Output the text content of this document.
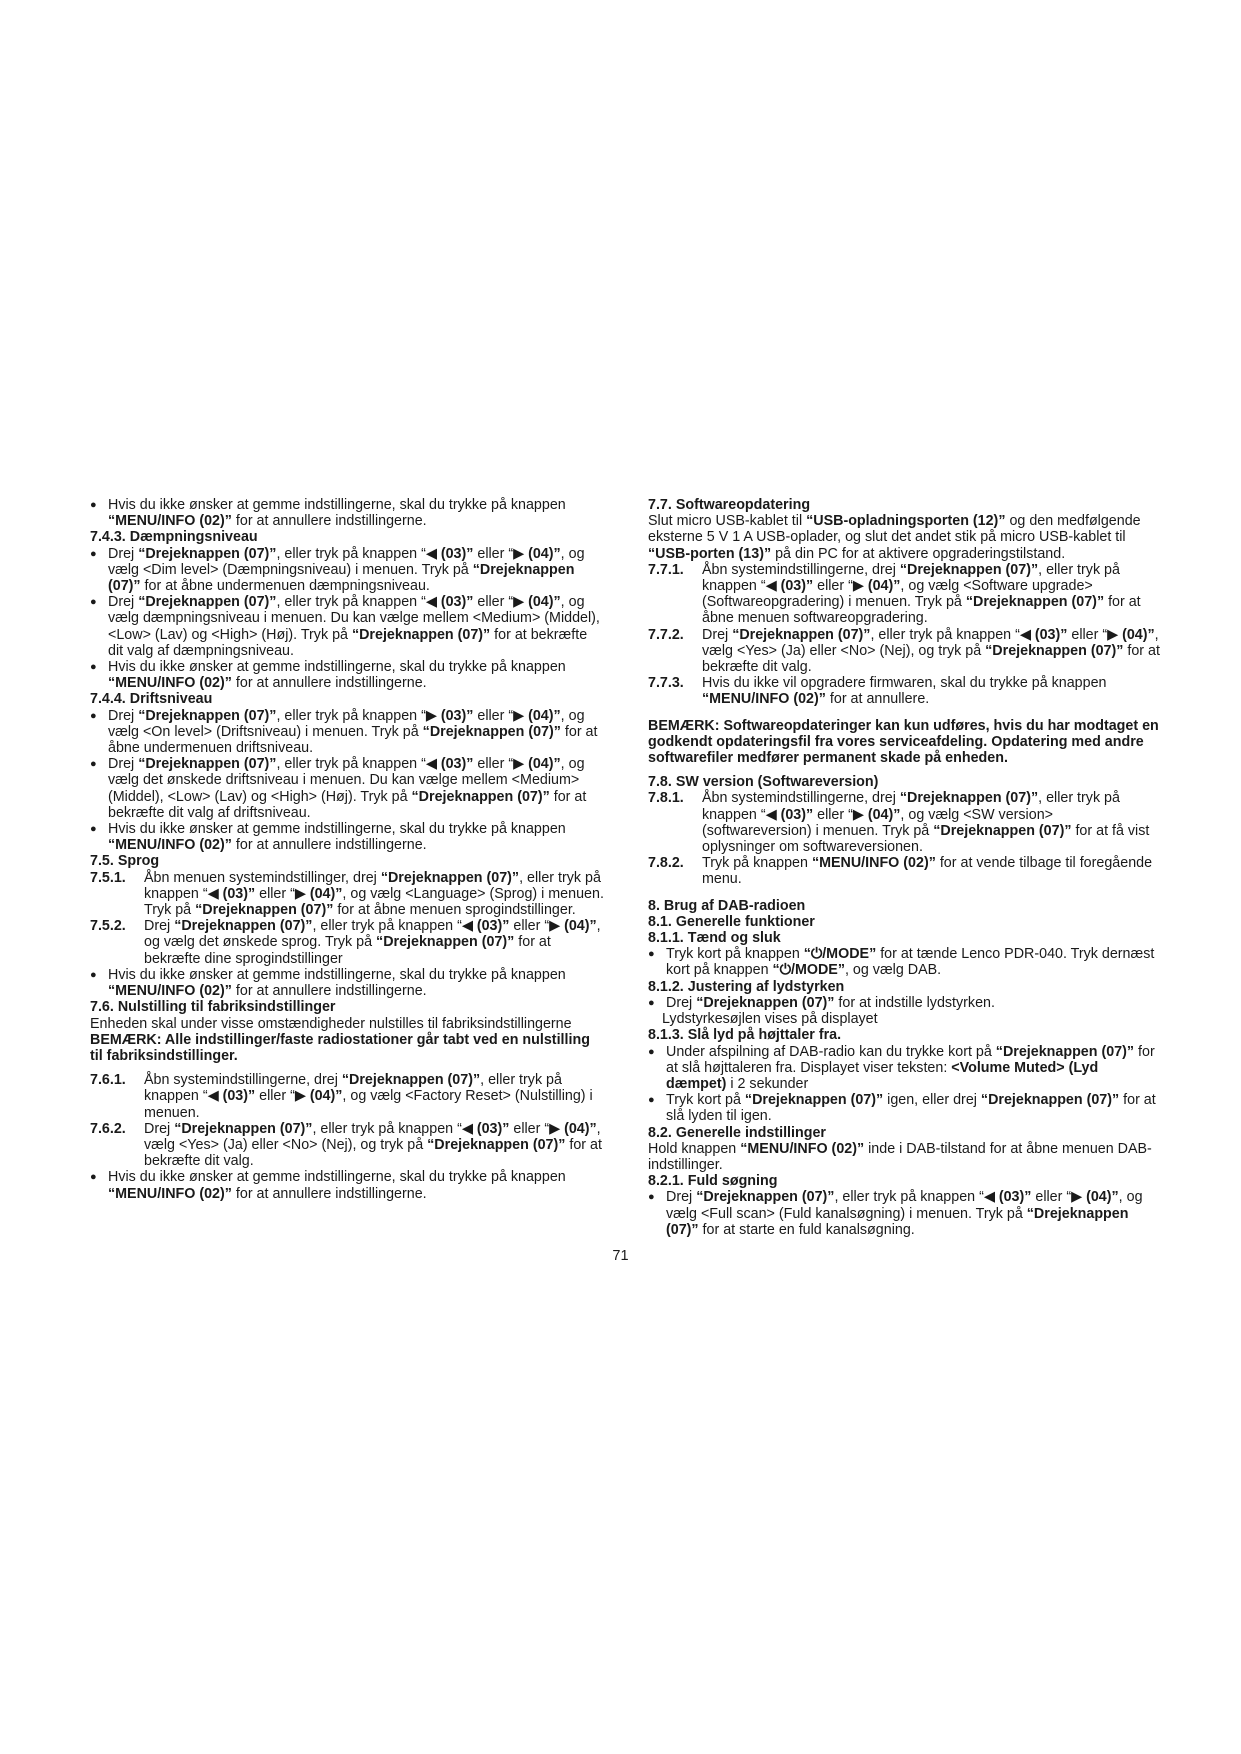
● Hvis du ikke ønsker at gemme indstillingerne, skal du trykke på knappen “MENU/INFO (02)” for at annullere indstillingerne.
7.4.3. Dæmpningsniveau
● Drej “Drejeknappen (07)”, eller tryk på knappen “◀ (03)” eller “▶ (04)”, og vælg <Dim level> (Dæmpningsniveau) i menuen. Tryk på “Drejeknappen (07)” for at åbne undermenuen dæmpningsniveau.
● Drej “Drejeknappen (07)”, eller tryk på knappen “◀ (03)” eller “▶ (04)”, og vælg dæmpningsniveau i menuen. Du kan vælge mellem <Medium> (Middel), <Low> (Lav) og <High> (Høj). Tryk på “Drejeknappen (07)” for at bekræfte dit valg af dæmpningsniveau.
● Hvis du ikke ønsker at gemme indstillingerne, skal du trykke på knappen “MENU/INFO (02)” for at annullere indstillingerne.
7.4.4. Driftsniveau
● Drej “Drejeknappen (07)”, eller tryk på knappen “▶ (03)” eller “▶ (04)”, og vælg <On level> (Driftsniveau) i menuen. Tryk på “Drejeknappen (07)” for at åbne undermenuen driftsniveau.
● Drej “Drejeknappen (07)”, eller tryk på knappen “◀ (03)” eller “▶ (04)”, og vælg det ønskede driftsniveau i menuen. Du kan vælge mellem <Medium> (Middel), <Low> (Lav) og <High> (Høj). Tryk på “Drejeknappen (07)” for at bekræfte dit valg af driftsniveau.
● Hvis du ikke ønsker at gemme indstillingerne, skal du trykke på knappen “MENU/INFO (02)” for at annullere indstillingerne.
7.5. Sprog
7.5.1.	Åbn menuen systemindstillinger, drej “Drejeknappen (07)”, eller tryk på knappen “◀ (03)” eller “▶ (04)”, og vælg <Language> (Sprog) i menuen. Tryk på “Drejeknappen (07)” for at åbne menuen sprogindstillinger.
7.5.2.	Drej “Drejeknappen (07)”, eller tryk på knappen “◀ (03)” eller “▶ (04)”, og vælg det ønskede sprog. Tryk på “Drejeknappen (07)” for at bekræfte dine sprogindstillinger
● Hvis du ikke ønsker at gemme indstillingerne, skal du trykke på knappen “MENU/INFO (02)” for at annullere indstillingerne.
7.6. Nulstilling til fabriksindstillinger
Enheden skal under visse omstændigheder nulstilles til fabriksindstillingerne
BEMÆRK: Alle indstillinger/faste radiostationer går tabt ved en nulstilling til fabriksindstillinger.
7.6.1.	Åbn systemindstillingerne, drej “Drejeknappen (07)”, eller tryk på knappen “◀ (03)” eller “▶ (04)”, og vælg <Factory Reset> (Nulstilling) i menuen.
7.6.2.	Drej “Drejeknappen (07)”, eller tryk på knappen “◀ (03)” eller “▶ (04)”, vælg <Yes> (Ja) eller <No> (Nej), og tryk på “Drejeknappen (07)” for at bekræfte dit valg.
● Hvis du ikke ønsker at gemme indstillingerne, skal du trykke på knappen “MENU/INFO (02)” for at annullere indstillingerne.
7.7. Softwareopdatering
Slut micro USB-kablet til “USB-opladningsporten (12)” og den medfølgende eksterne 5 V 1 A USB-oplader, og slut det andet stik på micro USB-kablet til “USB-porten (13)” på din PC for at aktivere opgraderingstilstand.
7.7.1.	Åbn systemindstillingerne, drej “Drejeknappen (07)”, eller tryk på knappen “◀ (03)” eller “▶ (04)”, og vælg <Software upgrade> (Softwareopgradering) i menuen. Tryk på “Drejeknappen (07)” for at åbne menuen softwareopgradering.
7.7.2.	Drej “Drejeknappen (07)”, eller tryk på knappen “◀ (03)” eller “▶ (04)”, vælg <Yes> (Ja) eller <No> (Nej), og tryk på “Drejeknappen (07)” for at bekræfte dit valg.
7.7.3.	Hvis du ikke vil opgradere firmwaren, skal du trykke på knappen “MENU/INFO (02)” for at annullere.
BEMÆRK: Softwareopdateringer kan kun udføres, hvis du har modtaget en godkendt opdateringsfil fra vores serviceafdeling. Opdatering med andre softwarefiler medfører permanent skade på enheden.
7.8. SW version (Softwareversion)
7.8.1.	Åbn systemindstillingerne, drej “Drejeknappen (07)”, eller tryk på knappen “◀ (03)” eller “▶ (04)”, og vælg <SW version> (softwareversion) i menuen. Tryk på “Drejeknappen (07)” for at få vist oplysninger om softwareversionen.
7.8.2.	Tryk på knappen “MENU/INFO (02)” for at vende tilbage til foregående menu.
8. Brug af DAB-radioen
8.1. Generelle funktioner
8.1.1. Tænd og sluk
● Tryk kort på knappen “⏻/MODE” for at tænde Lenco PDR-040. Tryk dernæst kort på knappen “⏻/MODE”, og vælg DAB.
8.1.2. Justering af lydstyrken
● Drej “Drejeknappen (07)” for at indstille lydstyrken.
Lydstyrkesøjlen vises på displayet
8.1.3. Slå lyd på højttaler fra.
● Under afspilning af DAB-radio kan du trykke kort på “Drejeknappen (07)” for at slå højttaleren fra. Displayet viser teksten: <Volume Muted> (Lyd dæmpet) i 2 sekunder
● Tryk kort på “Drejeknappen (07)” igen, eller drej “Drejeknappen (07)” for at slå lyden til igen.
8.2. Generelle indstillinger
Hold knappen “MENU/INFO (02)” inde i DAB-tilstand for at åbne menuen DAB-indstillinger.
8.2.1. Fuld søgning
● Drej “Drejeknappen (07)”, eller tryk på knappen “◀ (03)” eller “▶ (04)”, og vælg <Full scan> (Fuld kanalsøgning) i menuen. Tryk på “Drejeknappen (07)” for at starte en fuld kanalsøgning.
71
